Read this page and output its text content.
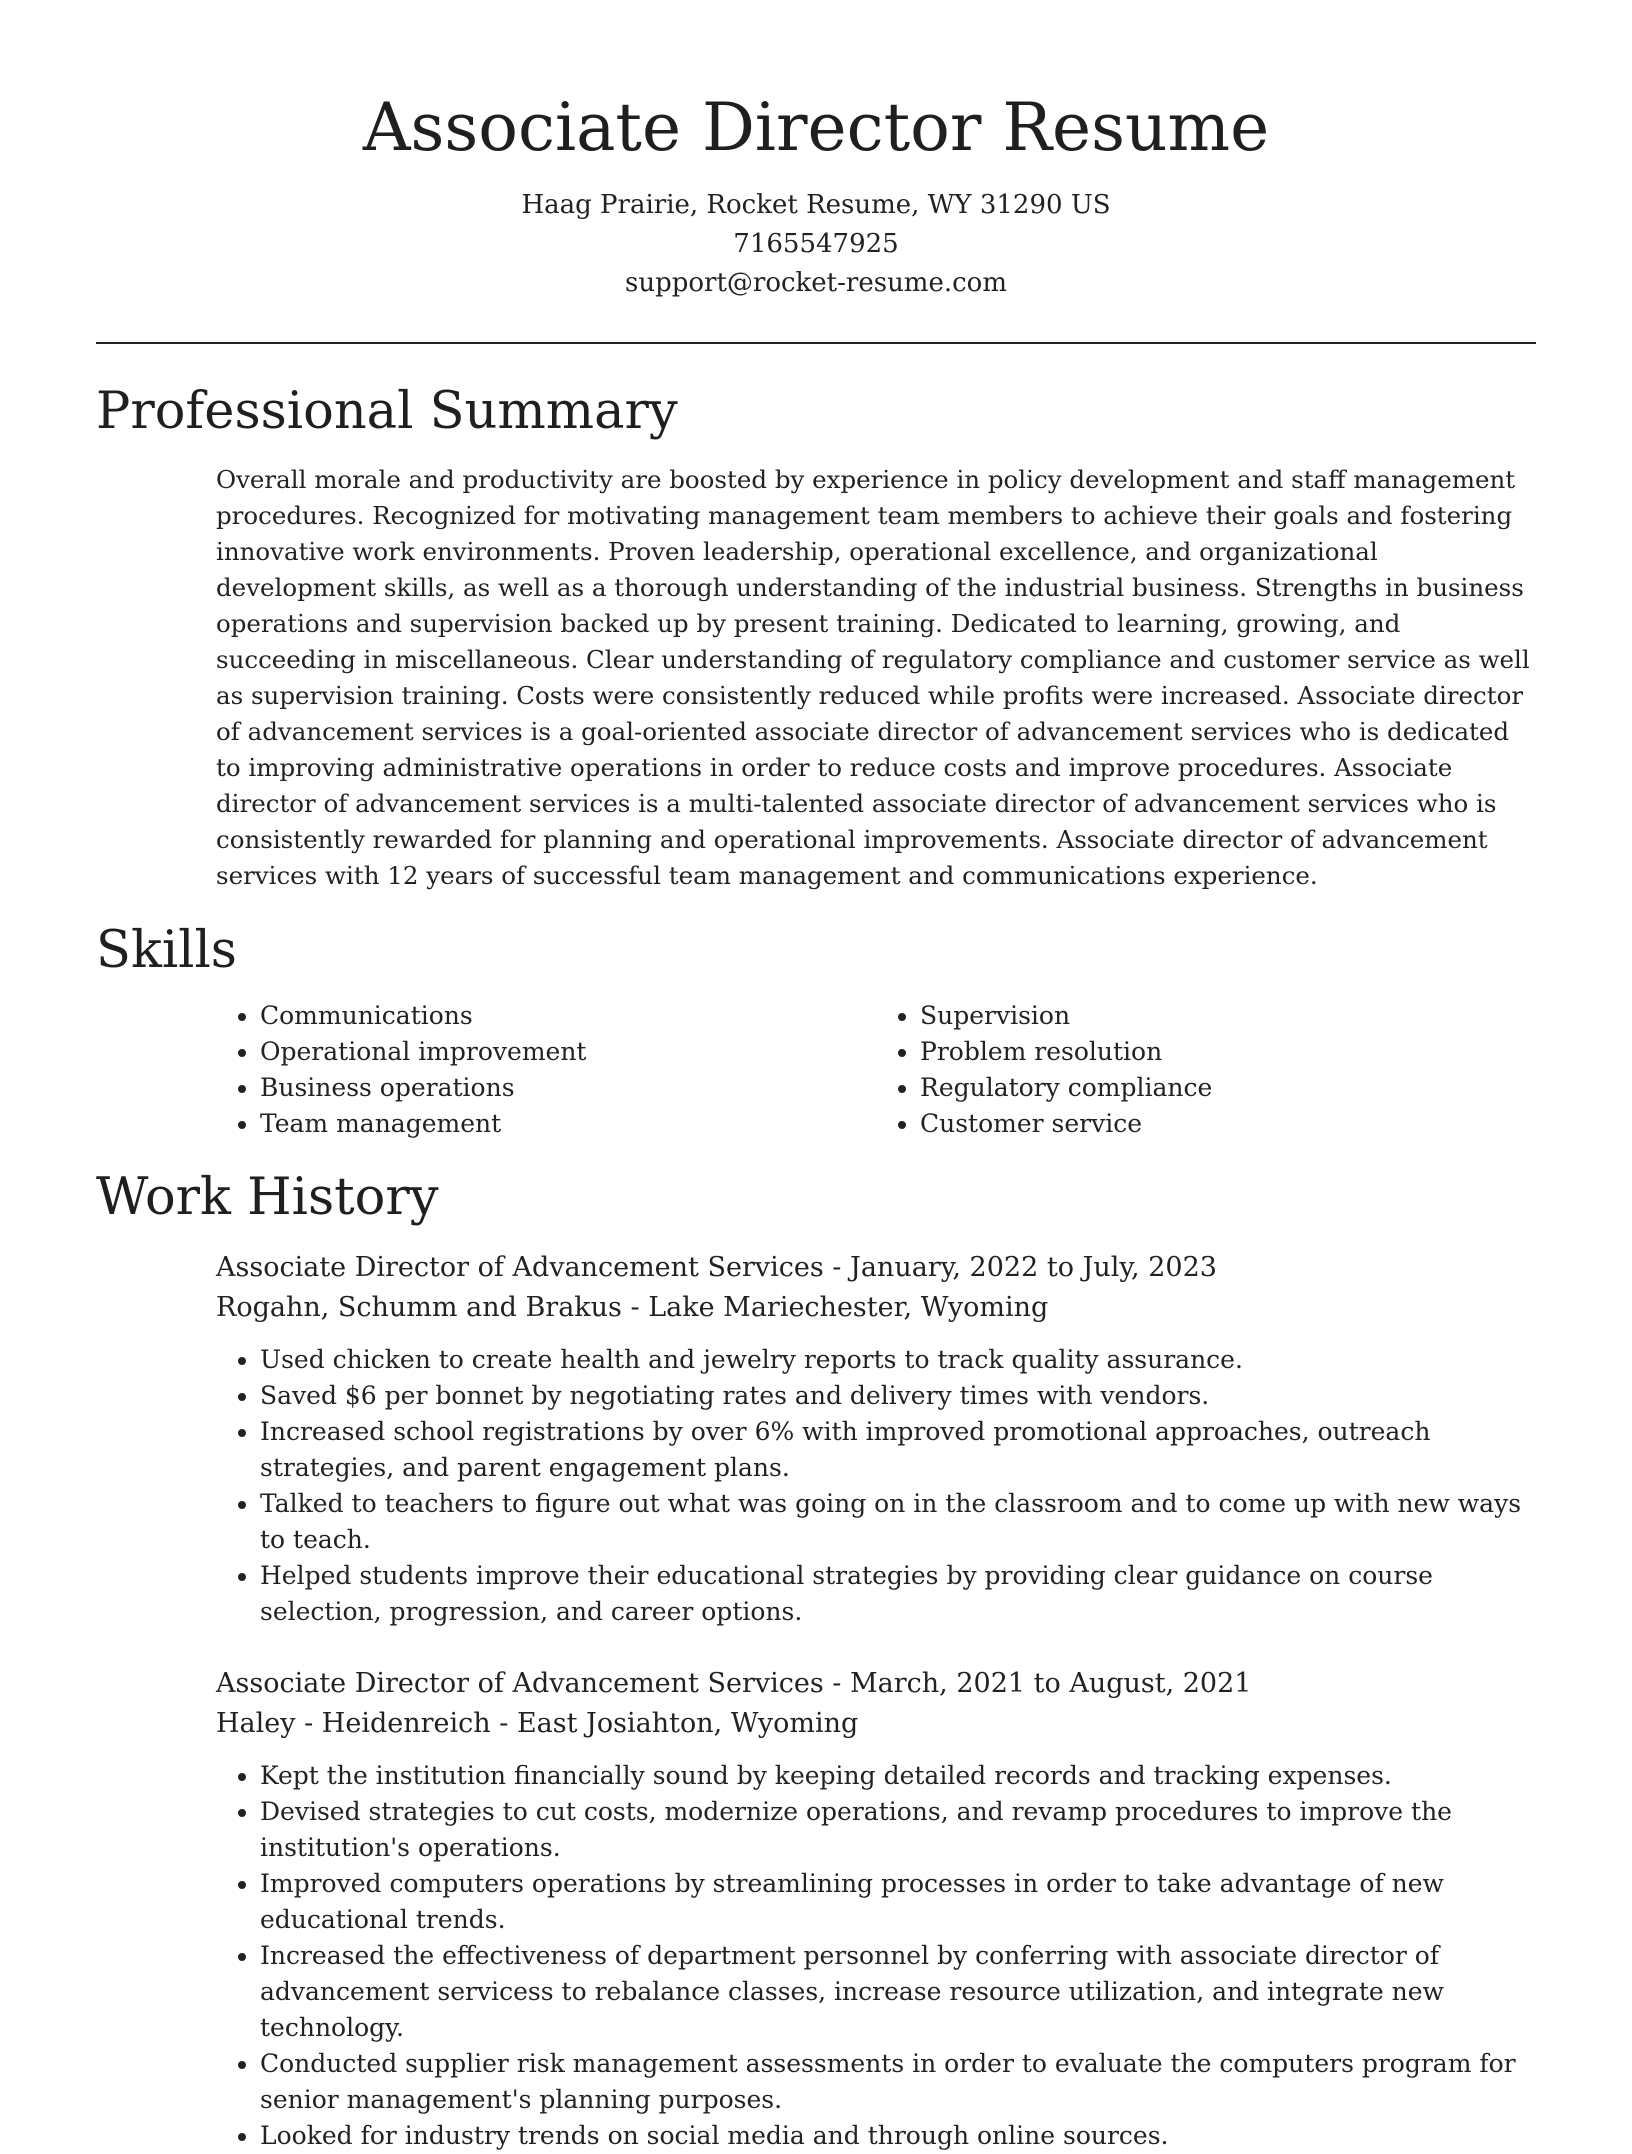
Associate Director Resume
Haag Prairie, Rocket Resume, WY 31290 US
7165547925
support@rocket-resume.com
Professional Summary

Overall morale and productivity are boosted by experience in policy development and staff management procedures. Recognized for motivating management team members to achieve their goals and fostering innovative work environments. Proven leadership, operational excellence, and organizational development skills, as well as a thorough understanding of the industrial business. Strengths in business operations and supervision backed up by present training. Dedicated to learning, growing, and succeeding in miscellaneous. Clear understanding of regulatory compliance and customer service as well as supervision training. Costs were consistently reduced while profits were increased. Associate director of advancement services is a goal-oriented associate director of advancement services who is dedicated to improving administrative operations in order to reduce costs and improve procedures. Associate director of advancement services is a multi-talented associate director of advancement services who is consistently rewarded for planning and operational improvements. Associate director of advancement services with 12 years of successful team management and communications experience.

Skills
• Communications
• Operational improvement
• Business operations
• Team management
• Supervision
• Problem resolution
• Regulatory compliance
• Customer service
Work History
Associate Director of Advancement Services - January, 2022 to July, 2023
Rogahn, Schumm and Brakus - Lake Mariechester, Wyoming
• Used chicken to create health and jewelry reports to track quality assurance.
• Saved $6 per bonnet by negotiating rates and delivery times with vendors.
• Increased school registrations by over 6% with improved promotional approaches, outreach strategies, and parent engagement plans.
• Talked to teachers to figure out what was going on in the classroom and to come up with new ways to teach.
• Helped students improve their educational strategies by providing clear guidance on course selection, progression, and career options.
Associate Director of Advancement Services - March, 2021 to August, 2021
Haley - Heidenreich - East Josiahton, Wyoming
• Kept the institution financially sound by keeping detailed records and tracking expenses.
• Devised strategies to cut costs, modernize operations, and revamp procedures to improve the institution's operations.
• Improved computers operations by streamlining processes in order to take advantage of new educational trends.
• Increased the effectiveness of department personnel by conferring with associate director of advancement servicess to rebalance classes, increase resource utilization, and integrate new technology.
• Conducted supplier risk management assessments in order to evaluate the computers program for senior management's planning purposes.
• Looked for industry trends on social media and through online sources.
